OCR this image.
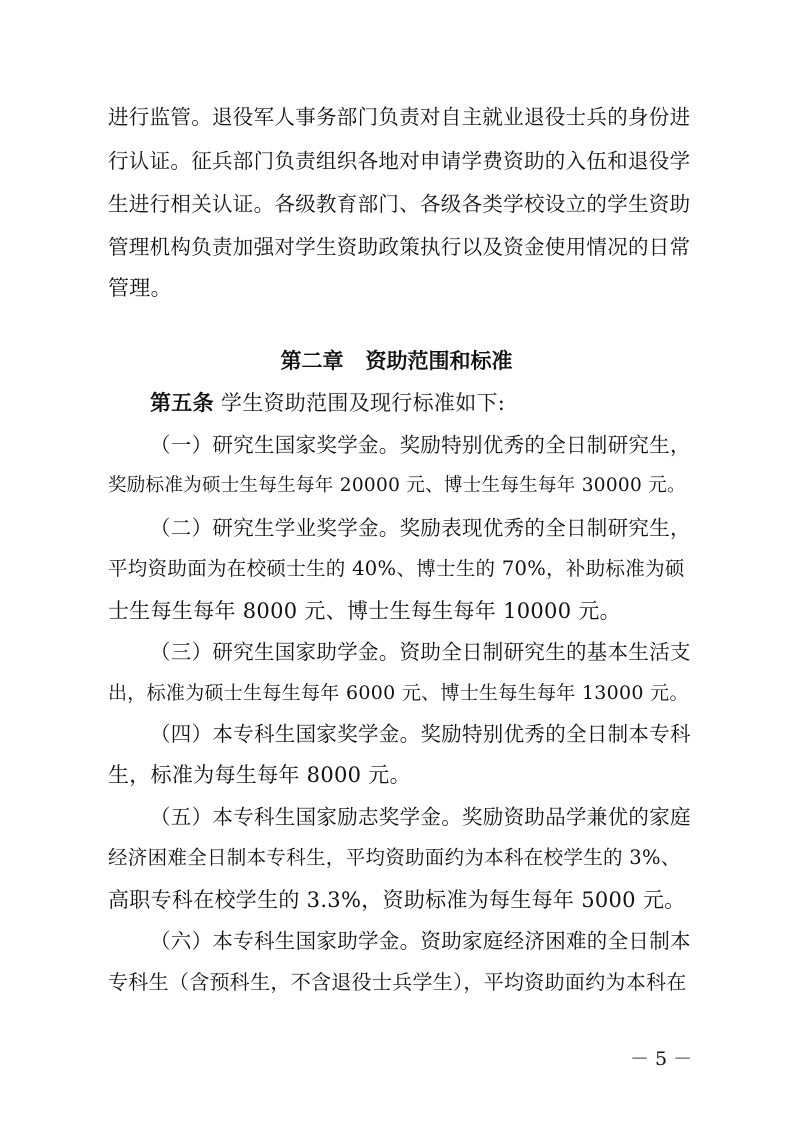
进行监管。退役军人事务部门负责对自主就业退役士兵的身份进
行认证。征兵部门负责组织各地对申请学费资助的入伍和退役学
生进行相关认证。各级教育部门、各级各类学校设立的学生资助
管理机构负责加强对学生资助政策执行以及资金使用情况的日常
管理。
第二章 资助范围和标准
第五条 学生资助范围及现行标准如下:
（一）研究生国家奖学金。奖励特别优秀的全日制研究生，
奖励标准为硕士生每生每年 20000 元、博士生每生每年 30000 元。
（二）研究生学业奖学金。奖励表现优秀的全日制研究生，
平均资助面为在校硕士生的 40%、博士生的 70%，补助标准为硕
士生每生每年 8000 元、博士生每生每年 10000 元。
（三）研究生国家助学金。资助全日制研究生的基本生活支
出，标准为硕士生每生每年 6000 元、博士生每生每年 13000 元。
（四）本专科生国家奖学金。奖励特别优秀的全日制本专科
生，标准为每生每年 8000 元。
（五）本专科生国家励志奖学金。奖励资助品学兼优的家庭
经济困难全日制本专科生，平均资助面约为本科在校学生的 3%、
高职专科在校学生的 3.3%，资助标准为每生每年 5000 元。
（六）本专科生国家助学金。资助家庭经济困难的全日制本
专科生（含预科生，不含退役士兵学生），平均资助面约为本科在
－ 5 －
